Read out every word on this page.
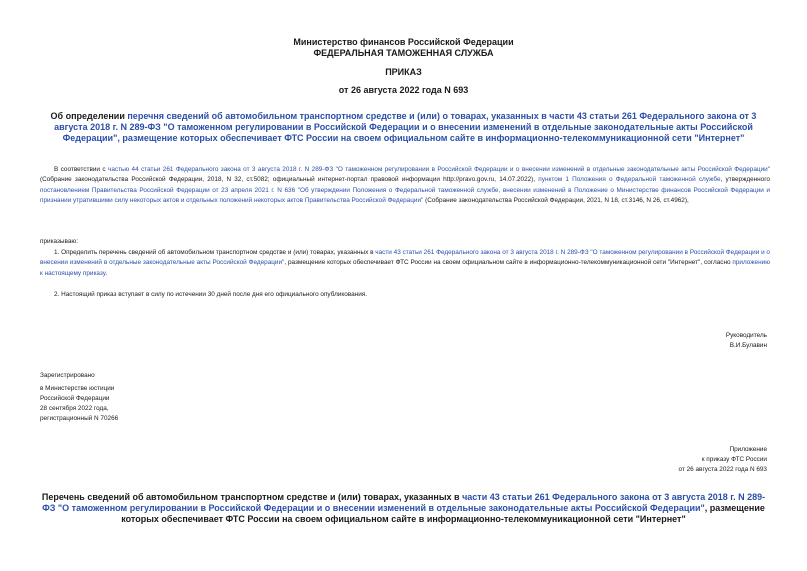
Министерство финансов Российской Федерации
ФЕДЕРАЛЬНАЯ ТАМОЖЕННАЯ СЛУЖБА
ПРИКАЗ
от 26 августа 2022 года N 693
Об определении перечня сведений об автомобильном транспортном средстве и (или) о товарах, указанных в части 43 статьи 261 Федерального закона от 3 августа 2018 г. N 289-ФЗ "О таможенном регулировании в Российской Федерации и о внесении изменений в отдельные законодательные акты Российской Федерации", размещение которых обеспечивает ФТС России на своем официальном сайте в информационно-телекоммуникационной сети "Интернет"
В соответствии с частью 44 статьи 261 Федерального закона от 3 августа 2018 г. N 289-ФЗ "О таможенном регулировании в Российской Федерации и о внесении изменений в отдельные законодательные акты Российской Федерации" (Собрание законодательства Российской Федерации, 2018, N 32, ст.5082; официальный интернет-портал правовой информации http://pravo.gov.ru, 14.07.2022), пунктом 1 Положения о Федеральной таможенной службе, утвержденного постановлением Правительства Российской Федерации от 23 апреля 2021 г. N 636 "Об утверждении Положения о Федеральной таможенной службе, внесении изменений в Положение о Министерстве финансов Российской Федерации и признании утратившими силу некоторых актов и отдельных положений некоторых актов Правительства Российской Федерации" (Собрание законодательства Российской Федерации, 2021, N 18, ст.3146, N 26, ст.4962),
приказываю:
1. Определить перечень сведений об автомобильном транспортном средстве и (или) товарах, указанных в части 43 статьи 261 Федерального закона от 3 августа 2018 г. N 289-ФЗ "О таможенном регулировании в Российской Федерации и о внесении изменений в отдельные законодательные акты Российской Федерации", размещение которых обеспечивает ФТС России на своем официальном сайте в информационно-телекоммуникационной сети "Интернет", согласно приложению к настоящему приказу.
2. Настоящий приказ вступает в силу по истечении 30 дней после дня его официального опубликования.
Руководитель
В.И.Булавин
Зарегистрировано
в Министерстве юстиции
Российской Федерации
28 сентября 2022 года,
регистрационный N 70266
Приложение
к приказу ФТС России
от 26 августа 2022 года N 693
Перечень сведений об автомобильном транспортном средстве и (или) товарах, указанных в части 43 статьи 261 Федерального закона от 3 августа 2018 г. N 289-ФЗ "О таможенном регулировании в Российской Федерации и о внесении изменений в отдельные законодательные акты Российской Федерации", размещение которых обеспечивает ФТС России на своем официальном сайте в информационно-телекоммуникационной сети "Интернет"
